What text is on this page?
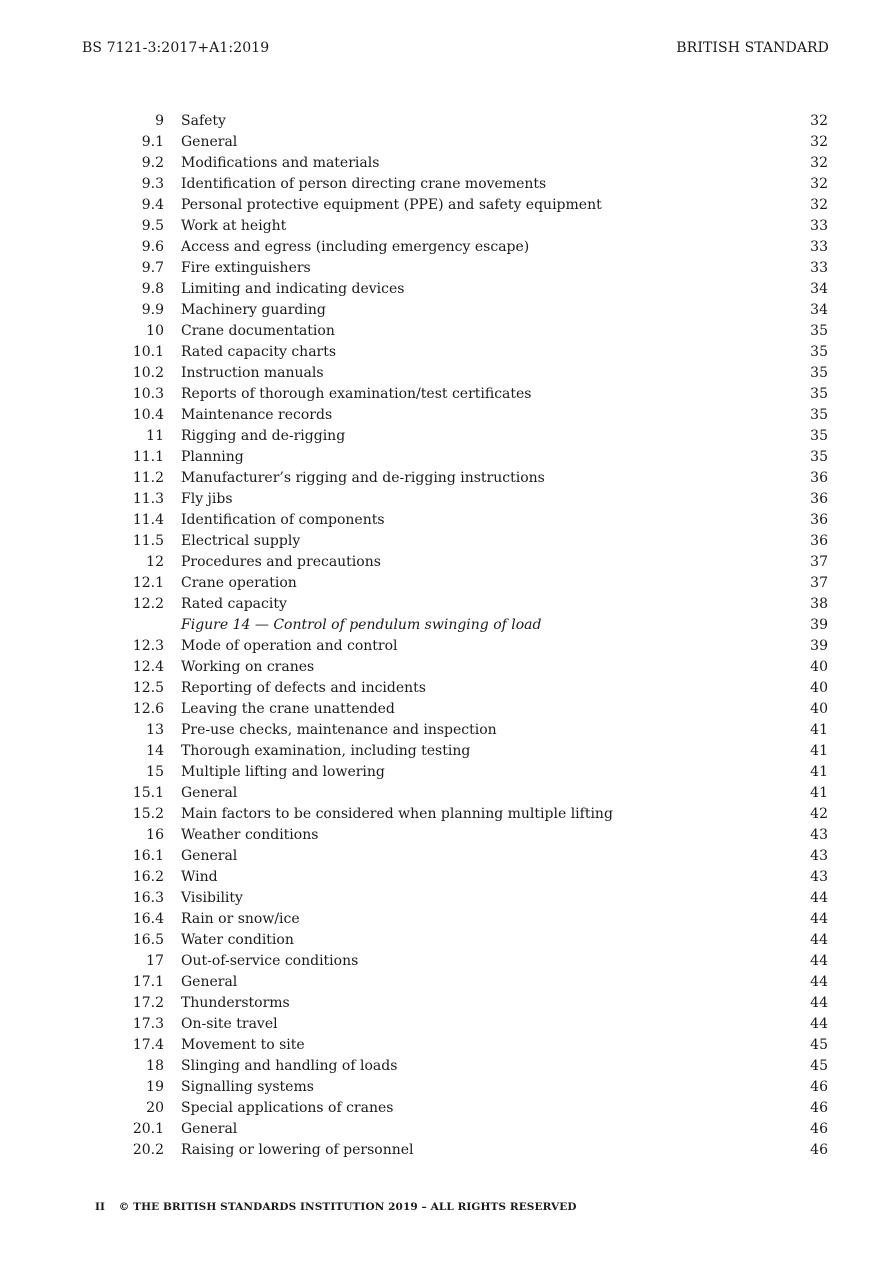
BS 7121-3:2017+A1:2019	BRITISH STANDARD
9 Safety	32
9.1 General	32
9.2 Modifications and materials	32
9.3 Identification of person directing crane movements	32
9.4 Personal protective equipment (PPE) and safety equipment	32
9.5 Work at height	33
9.6 Access and egress (including emergency escape)	33
9.7 Fire extinguishers	33
9.8 Limiting and indicating devices	34
9.9 Machinery guarding	34
10 Crane documentation	35
10.1 Rated capacity charts	35
10.2 Instruction manuals	35
10.3 Reports of thorough examination/test certificates	35
10.4 Maintenance records	35
11 Rigging and de-rigging	35
11.1 Planning	35
11.2 Manufacturer’s rigging and de-rigging instructions	36
11.3 Fly jibs	36
11.4 Identification of components	36
11.5 Electrical supply	36
12 Procedures and precautions	37
12.1 Crane operation	37
12.2 Rated capacity	38
Figure 14 — Control of pendulum swinging of load	39
12.3 Mode of operation and control	39
12.4 Working on cranes	40
12.5 Reporting of defects and incidents	40
12.6 Leaving the crane unattended	40
13 Pre-use checks, maintenance and inspection	41
14 Thorough examination, including testing	41
15 Multiple lifting and lowering	41
15.1 General	41
15.2 Main factors to be considered when planning multiple lifting	42
16 Weather conditions	43
16.1 General	43
16.2 Wind	43
16.3 Visibility	44
16.4 Rain or snow/ice	44
16.5 Water condition	44
17 Out-of-service conditions	44
17.1 General	44
17.2 Thunderstorms	44
17.3 On-site travel	44
17.4 Movement to site	45
18 Slinging and handling of loads	45
19 Signalling systems	46
20 Special applications of cranes	46
20.1 General	46
20.2 Raising or lowering of personnel	46
II © THE BRITISH STANDARDS INSTITUTION 2019 – ALL RIGHTS RESERVED
